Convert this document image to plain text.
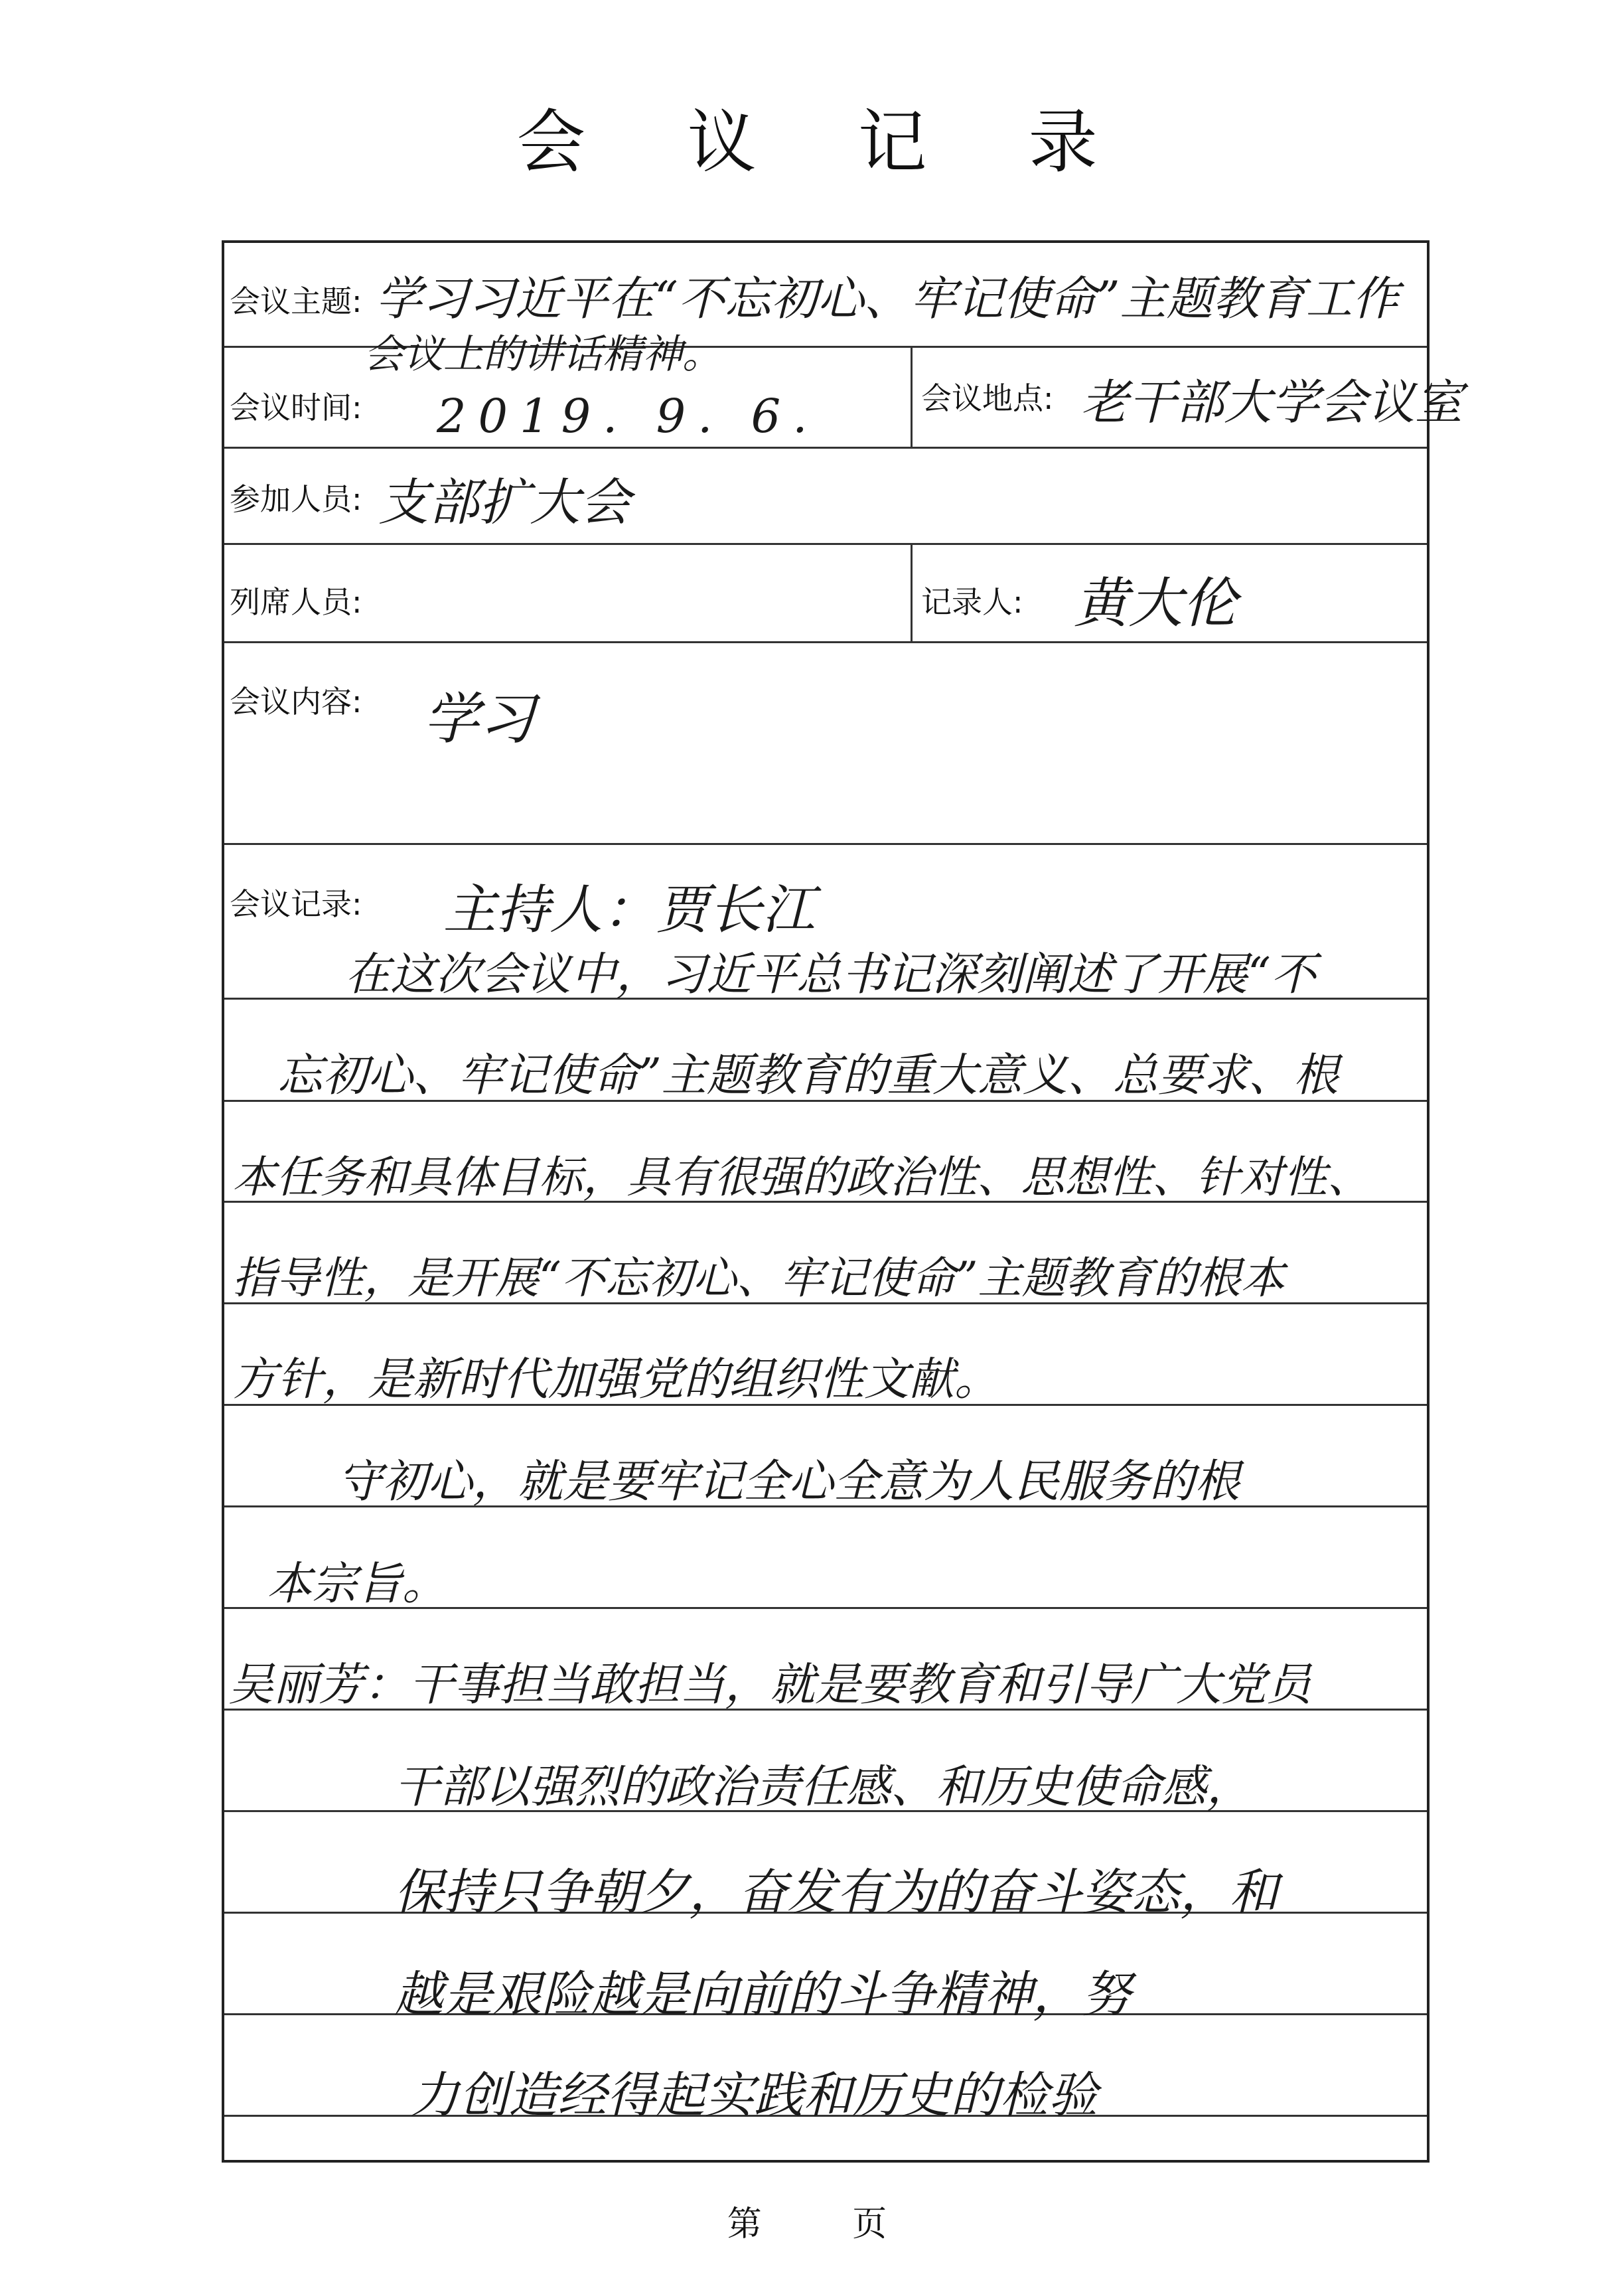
会 议 记 录
会议主题: 学习习近平在“不忘初心、牢记使命”主题教育工作
会议上的讲话精神。
会议时间: 2019. 9. 6.	会议地点: 老干部大学会议室
参加人员: 支部扩大会
列席人员:	记录人: 黄大伦
会议内容: 学习
会议记录: 主持人：贾长江
在这次会议中，习近平总书记深刻阐述了开展“不
忘初心、牢记使命”主题教育的重大意义、总要求、根
本任务和具体目标，具有很强的政治性、思想性、针对性、
指导性，是开展“不忘初心、牢记使命”主题教育的根本
方针，是新时代加强党的组织性文献。
守初心，就是要牢记全心全意为人民服务的根
本宗旨。
吴丽芳：干事担当敢担当，就是要教育和引导广大党员
干部以强烈的政治责任感、和历史使命感，
保持只争朝夕，奋发有为的奋斗姿态，和
越是艰险越是向前的斗争精神，努
力创造经得起实践和历史的检验
第 页
